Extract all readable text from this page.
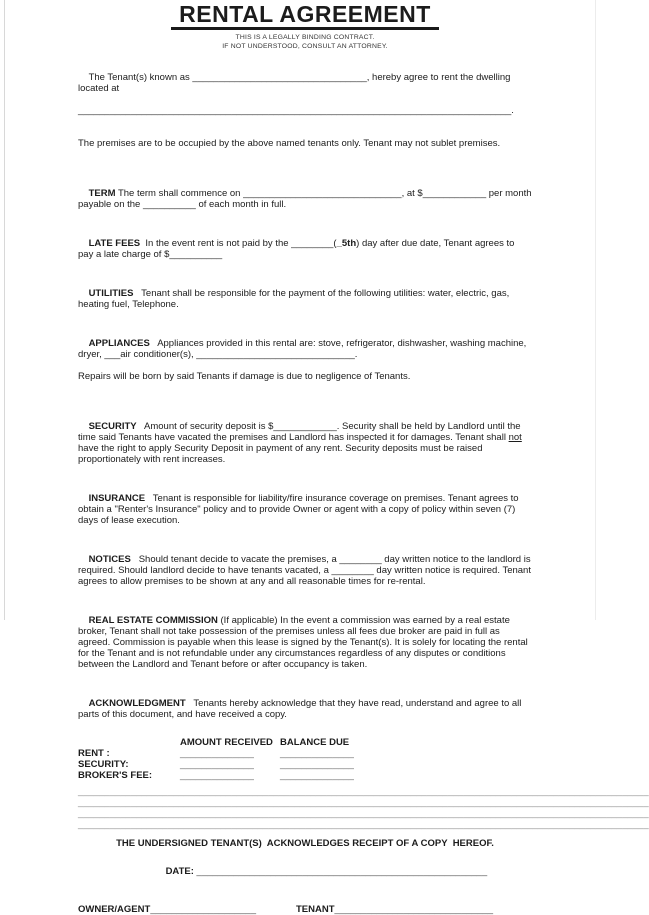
RENTAL AGREEMENT
THIS IS A LEGALLY BINDING CONTRACT.
IF NOT UNDERSTOOD, CONSULT AN ATTORNEY.

The Tenant(s) known as _________________________________, hereby agree to rent the dwelling located at

__________________________________________________________________________________.

The premises are to be occupied by the above named tenants only. Tenant may not sublet premises.

TERM The term shall commence on ______________________________, at $____________ per month payable on the __________ of each month in full.

LATE FEES  In the event rent is not paid by the ________(_5th) day after due date, Tenant agrees to pay a late charge of $__________

UTILITIES   Tenant shall be responsible for the payment of the following utilities: water, electric, gas, heating fuel, Telephone.

APPLIANCES   Appliances provided in this rental are: stove, refrigerator, dishwasher, washing machine, dryer, ___air conditioner(s), ______________________________.

Repairs will be born by said Tenants if damage is due to negligence of Tenants.

SECURITY   Amount of security deposit is $____________. Security shall be held by Landlord until the time said Tenants have vacated the premises and Landlord has inspected it for damages. Tenant shall not have the right to apply Security Deposit in payment of any rent. Security deposits must be raised proportionately with rent increases.

INSURANCE   Tenant is responsible for liability/fire insurance coverage on premises. Tenant agrees to obtain a "Renter's Insurance" policy and to provide Owner or agent with a copy of policy within seven (7) days of lease execution.

NOTICES   Should tenant decide to vacate the premises, a ________ day written notice to the landlord is required. Should landlord decide to have tenants vacated, a ________ day written notice is required. Tenant agrees to allow premises to be shown at any and all reasonable times for re-rental.

REAL ESTATE COMMISSION (If applicable) In the event a commission was earned by a real estate broker, Tenant shall not take possession of the premises unless all fees due broker are paid in full as agreed. Commission is payable when this lease is signed by the Tenant(s). It is solely for locating the rental for the Tenant and is not refundable under any circumstances regardless of any disputes or conditions between the Landlord and Tenant before or after occupancy is taken.

ACKNOWLEDGMENT   Tenants hereby acknowledge that they have read, understand and agree to all parts of this document, and have received a copy.

AMOUNT RECEIVED BALANCE DUE
RENT :	______________	______________
SECURITY:	______________	______________
BROKER'S FEE:	______________	______________
____________________________________________________________________________________________________________
____________________________________________________________________________________________________________
____________________________________________________________________________________________________________
____________________________________________________________________________________________________________
THE UNDERSIGNED TENANT(S)  ACKNOWLEDGES RECEIPT OF A COPY  HEREOF.

DATE: _______________________________________________________

OWNER/AGENT____________________	TENANT______________________________
